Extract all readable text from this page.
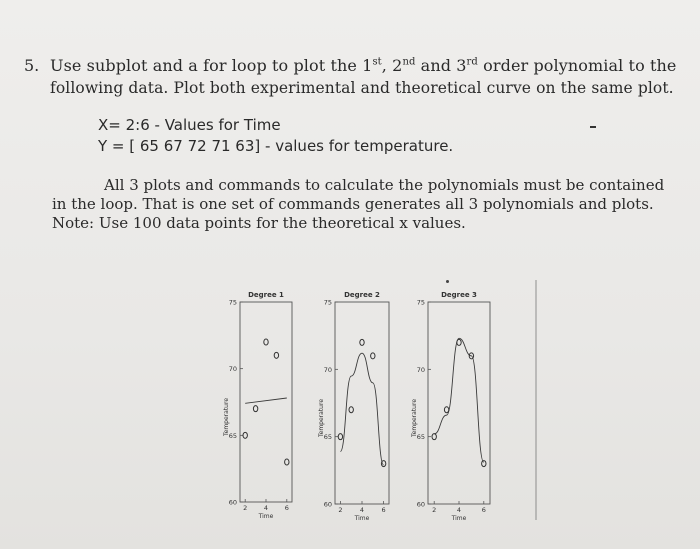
5. Use subplot and a for loop to plot the 1st, 2nd and 3rd order polynomial to the
following data. Plot both experimental and theoretical curve on the same plot.
X= 2:6 - Values for Time
Y = [ 65 67 72 71 63] - values for temperature.
All 3 plots and commands to calculate the polynomials must be contained
in the loop. That is one set of commands generates all 3 polynomials and plots.
Note: Use 100 data points for the theoretical x values.
Degree 1
60
65
70
75
2	4	6
Time
Temperature
Degree 2
60
65
70
75
2	4	6
Time
Temperature
Degree 3
60
65
70
75
2	4	6
Time
Temperature
